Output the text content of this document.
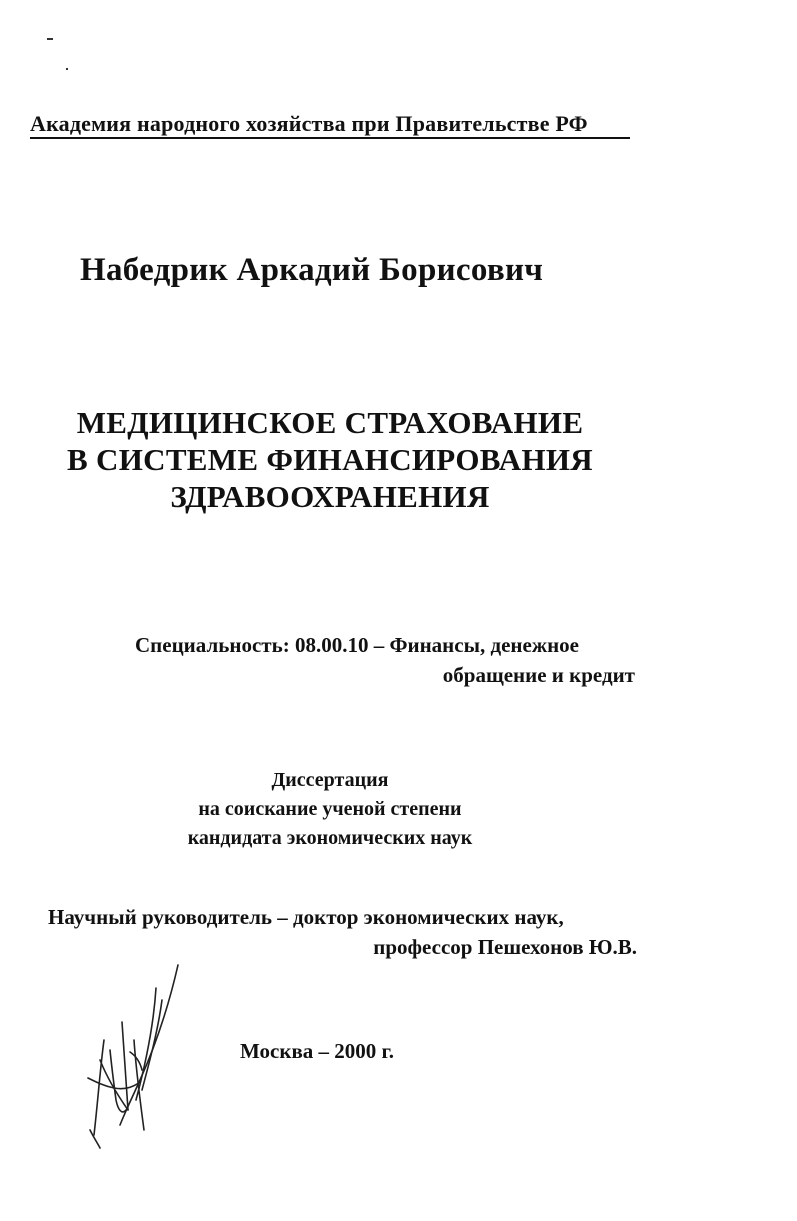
Академия народного хозяйства при Правительстве РФ
Набедрик Аркадий Борисович
МЕДИЦИНСКОЕ СТРАХОВАНИЕ
В СИСТЕМЕ ФИНАНСИРОВАНИЯ
ЗДРАВООХРАНЕНИЯ
Специальность: 08.00.10 – Финансы, денежное
обращение и кредит
Диссертация
на соискание ученой степени
кандидата экономических наук
Научный руководитель – доктор экономических наук,
профессор Пешехонов Ю.В.
Москва – 2000 г.
